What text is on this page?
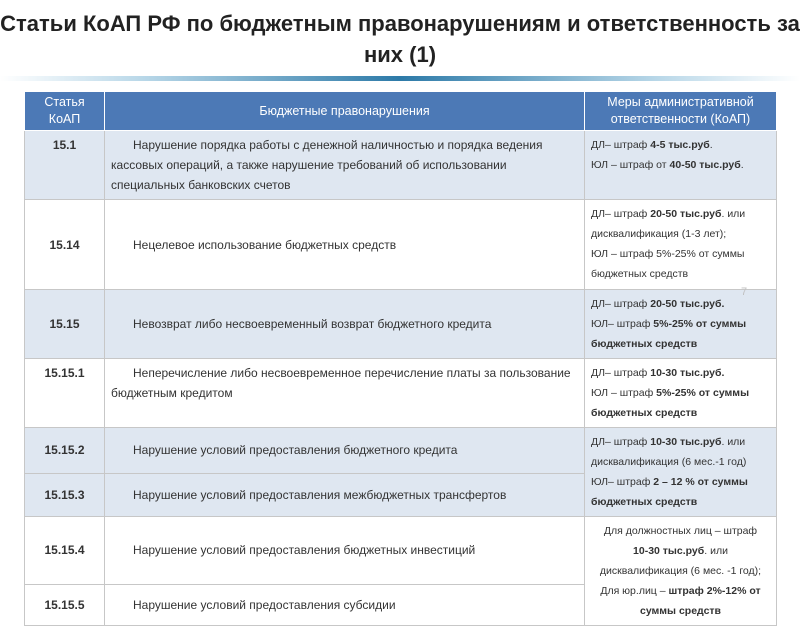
Статьи КоАП РФ по бюджетным правонарушениям и ответственность за них (1)
Статья КоАП	Бюджетные правонарушения	Меры административной ответственности (КоАП)
15.1	Нарушение порядка работы с денежной наличностью и порядка ведения кассовых операций, а также нарушение требований об использовании специальных банковских счетов	ДЛ– штраф 4-5 тыс.руб.
ЮЛ – штраф от 40-50 тыс.руб.

15.14	Нецелевое использование бюджетных средств	ДЛ– штраф 20-50 тыс.руб. или
дисквалификация (1-3 лет);
ЮЛ – штраф 5%-25% от суммы
бюджетных средств

15.15	Невозврат либо несвоевременный возврат бюджетного кредита	ДЛ– штраф 20-50 тыс.руб.
ЮЛ– штраф 5%-25% от суммы
бюджетных средств

15.15.1	Неперечисление либо несвоевременное перечисление платы за пользование бюджетным кредитом	ДЛ– штраф 10-30 тыс.руб.
ЮЛ – штраф 5%-25% от суммы
бюджетных средств

15.15.2	Нарушение условий предоставления бюджетного кредита	ДЛ– штраф 10-30 тыс.руб. или
дисквалификация (6 мес.-1 год)
ЮЛ– штраф 2 – 12 % от суммы
бюджетных средств

15.15.3	Нарушение условий предоставления межбюджетных трансфертов	
15.15.4	Нарушение условий предоставления бюджетных инвестиций	Для должностных лиц – штраф
10-30 тыс.руб. или
дисквалификация (6 мес. -1 год);
Для юр.лиц – штраф 2%-12% от
суммы средств

15.15.5	Нарушение условий предоставления субсидии	
7
